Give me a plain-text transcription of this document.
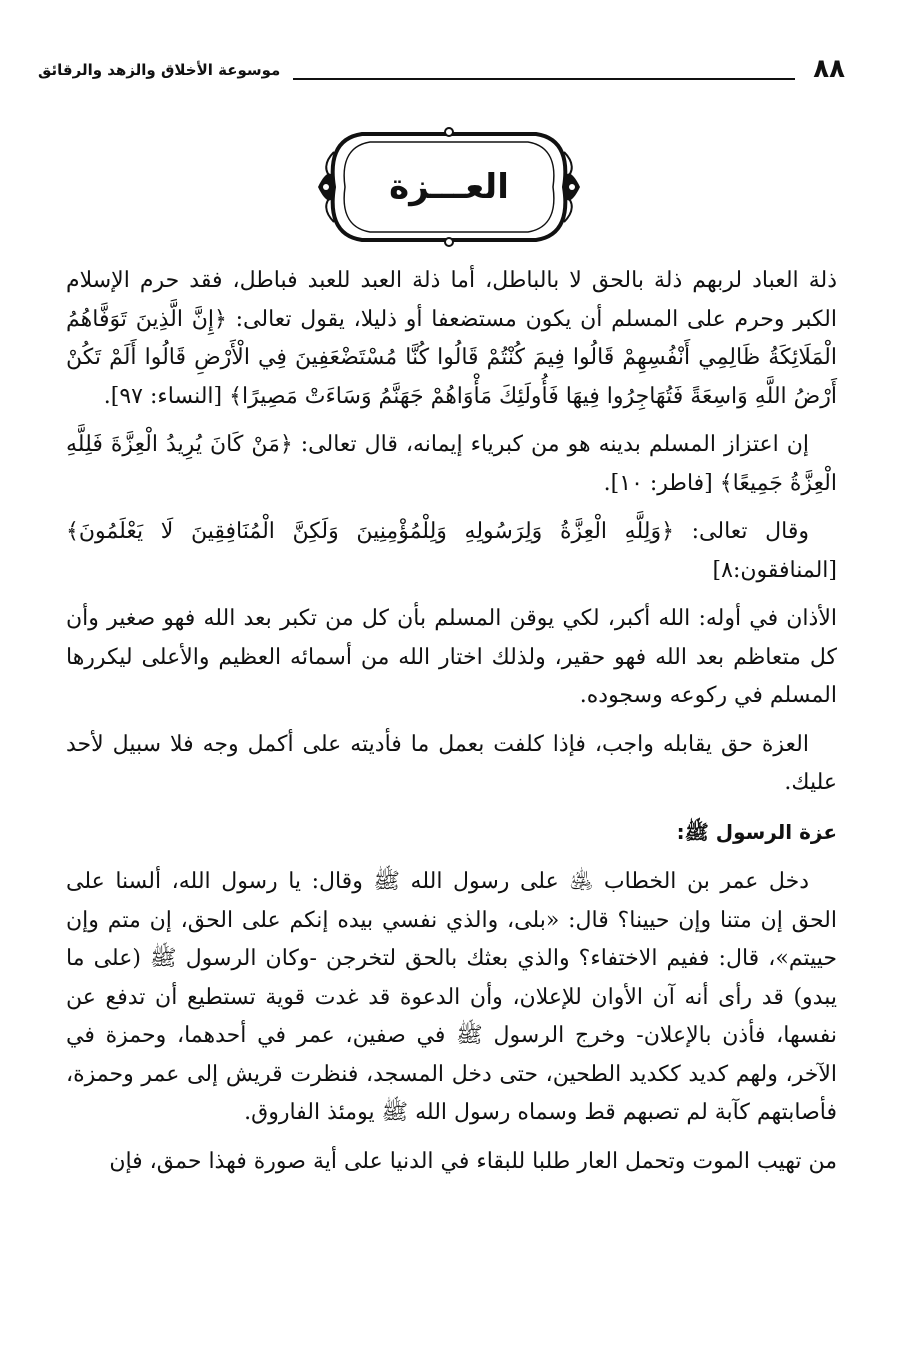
٨٨
موسوعة الأخلاق والزهد والرقائق
العـــزة

ذلة العباد لربهم ذلة بالحق لا بالباطل، أما ذلة العبد للعبد فباطل، فقد حرم الإسلام الكبر وحرم على المسلم أن يكون مستضعفا أو ذليلا، يقول تعالى: ﴿إِنَّ الَّذِينَ تَوَفَّاهُمُ الْمَلَائِكَةُ ظَالِمِي أَنْفُسِهِمْ قَالُوا فِيمَ كُنْتُمْ قَالُوا كُنَّا مُسْتَضْعَفِينَ فِي الْأَرْضِ قَالُوا أَلَمْ تَكُنْ أَرْضُ اللَّهِ وَاسِعَةً فَتُهَاجِرُوا فِيهَا فَأُولَئِكَ مَأْوَاهُمْ جَهَنَّمُ وَسَاءَتْ مَصِيرًا﴾ [النساء: ٩٧].

إن اعتزاز المسلم بدينه هو من كبرياء إيمانه، قال تعالى: ﴿مَنْ كَانَ يُرِيدُ الْعِزَّةَ فَلِلَّهِ الْعِزَّةُ جَمِيعًا﴾ [فاطر: ١٠].

وقال تعالى: ﴿وَلِلَّهِ الْعِزَّةُ وَلِرَسُولِهِ وَلِلْمُؤْمِنِينَ وَلَكِنَّ الْمُنَافِقِينَ لَا يَعْلَمُونَ﴾ [المنافقون:٨]

الأذان في أوله: الله أكبر، لكي يوقن المسلم بأن كل من تكبر بعد الله فهو صغير وأن كل متعاظم بعد الله فهو حقير، ولذلك اختار الله من أسمائه العظيم والأعلى ليكررها المسلم في ركوعه وسجوده.

العزة حق يقابله واجب، فإذا كلفت بعمل ما فأديته على أكمل وجه فلا سبيل لأحد عليك.

عزة الرسول ﷺ:

دخل عمر بن الخطاب ﵁ على رسول الله ﷺ وقال: يا رسول الله، ألسنا على الحق إن متنا وإن حيينا؟ قال: «بلى، والذي نفسي بيده إنكم على الحق، إن متم وإن حييتم»، قال: ففيم الاختفاء؟ والذي بعثك بالحق لتخرجن -وكان الرسول ﷺ (على ما يبدو) قد رأى أنه آن الأوان للإعلان، وأن الدعوة قد غدت قوية تستطيع أن تدفع عن نفسها، فأذن بالإعلان- وخرج الرسول ﷺ في صفين، عمر في أحدهما، وحمزة في الآخر، ولهم كديد ككديد الطحين، حتى دخل المسجد، فنظرت قريش إلى عمر وحمزة، فأصابتهم كآبة لم تصبهم قط وسماه رسول الله ﷺ يومئذ الفاروق.

من تهيب الموت وتحمل العار طلبا للبقاء في الدنيا على أية صورة فهذا حمق، فإن
